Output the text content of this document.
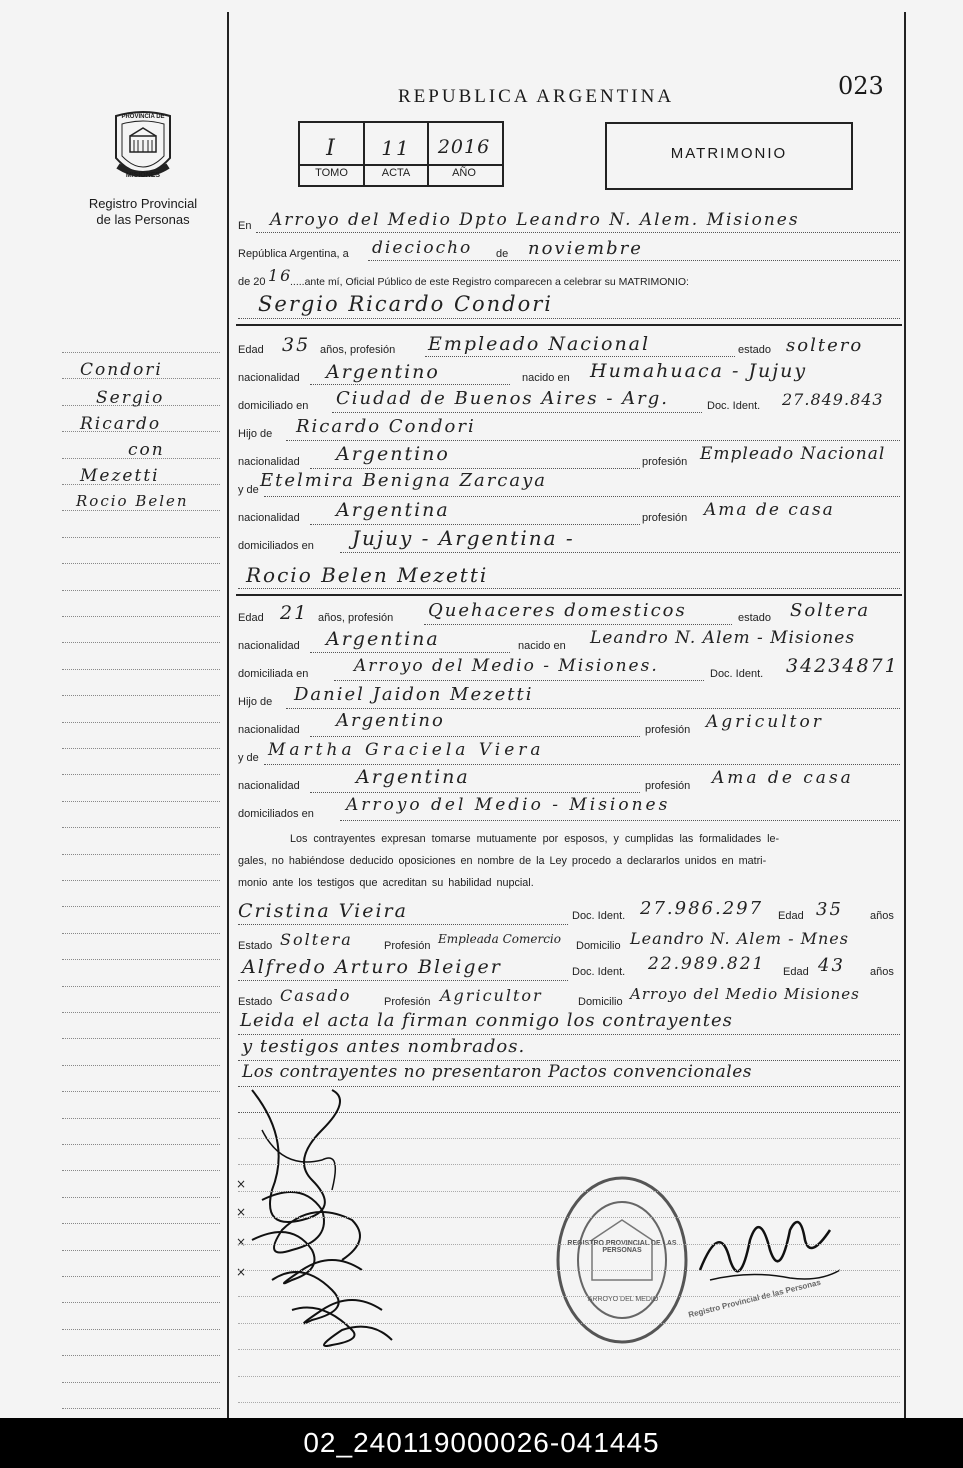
PROVINCIA DE
MISIONES
Registro Provincial
de las Personas
REPUBLICA ARGENTINA	023
I	11	2016
TOMO	ACTA	AÑO
MATRIMONIO
En Arroyo del Medio Dpto Leandro N. Alem. Misiones
República Argentina, a dieciocho de noviembre
de 20 16
.....ante mí, Oficial Público de este Registro comparecen a celebrar su MATRIMONIO:
Sergio Ricardo Condori
Edad 35 años, profesión Empleado Nacional	estado soltero
nacionalidad Argentino	nacido en Humahuaca - Jujuy
domiciliado en Ciudad de Buenos Aires - Arg.	Doc. Ident. 27.849.843
Hijo de Ricardo Condori
nacionalidad Argentino	profesión Empleado Nacional
y de Etelmira Benigna Zarcaya
nacionalidad Argentina	profesión Ama de casa
domiciliados en Jujuy - Argentina -
Rocio Belen Mezetti
Edad 21 años, profesión Quehaceres domesticos	estado Soltera
nacionalidad Argentina	nacido en Leandro N. Alem - Misiones
domiciliada en	Arroyo del Medio - Misiones.	Doc. Ident. 34234871
Hijo de Daniel Jaidon Mezetti
nacionalidad Argentino	profesión Agricultor
y de Martha Graciela Viera
nacionalidad	Argentina	profesión Ama de casa
domiciliados en Arroyo del Medio - Misiones
Los contrayentes expresan tomarse mutuamente por esposos, y cumplidas las formalidades le-
gales, no habiéndose deducido oposiciones en nombre de la Ley procedo a declararlos unidos en matri-
monio ante los testigos que acreditan su habilidad nupcial.
Cristina Vieira	Doc. Ident. 27.986.297 Edad 35 años
Estado Soltera	Profesión Empleada Comercio Domicilio Leandro N. Alem - Mnes
Alfredo Arturo Bleiger	Doc. Ident. 22.989.821 Edad 43 años
Estado Casado	Profesión Agricultor	Domicilio Arroyo del Medio Misiones
Leida el acta la firman conmigo los contrayentes
y testigos antes nombrados.
Los contrayentes no presentaron Pactos convencionales
×
×
×
×
REGISTRO PROVINCIAL DE LAS PERSONAS
ARROYO DEL MEDIO	Registro Provincial de las Personas
Condori
Sergio
Ricardo
con
Mezetti
Rocio Belen
02_240119000026-041445
